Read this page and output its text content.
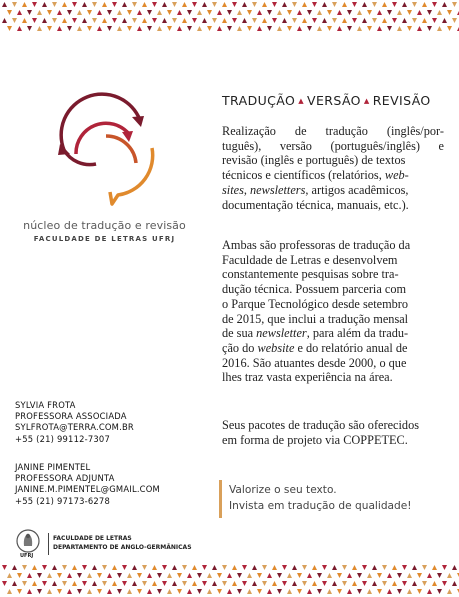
núcleo de tradução e revisão
FACULDADE DE LETRAS UFRJ
TRADUÇÃO ▲ VERSÃO ▲ REVISÃO
Realização de tradução (inglês/por-
tuguês), versão (português/inglês) e
revisão (inglês e português) de textos
técnicos e científicos (relatórios, web-
sites, newsletters, artigos acadêmicos,
documentação técnica, manuais, etc.).
Ambas são professoras de tradução da
Faculdade de Letras e desenvolvem
constantemente pesquisas sobre tra-
dução técnica. Possuem parceria com
o Parque Tecnológico desde setembro
de 2015, que inclui a tradução mensal
de sua newsletter, para além da tradu-
ção do website e do relatório anual de
2016. São atuantes desde 2000, o que
lhes traz vasta experiência na área.
Seus pacotes de tradução são oferecidos
em forma de projeto via COPPETEC.
SYLVIA FROTA
PROFESSORA ASSOCIADA
SYLFROTA@TERRA.COM.BR
+55 (21) 99112-7307
JANINE PIMENTEL
PROFESSORA ADJUNTA
JANINE.M.PIMENTEL@GMAIL.COM
+55 (21) 97173-6278
Valorize o seu texto.
Invista em tradução de qualidade!
UFRJ
FACULDADE DE LETRAS
DEPARTAMENTO DE ANGLO-GERMÂNICAS
